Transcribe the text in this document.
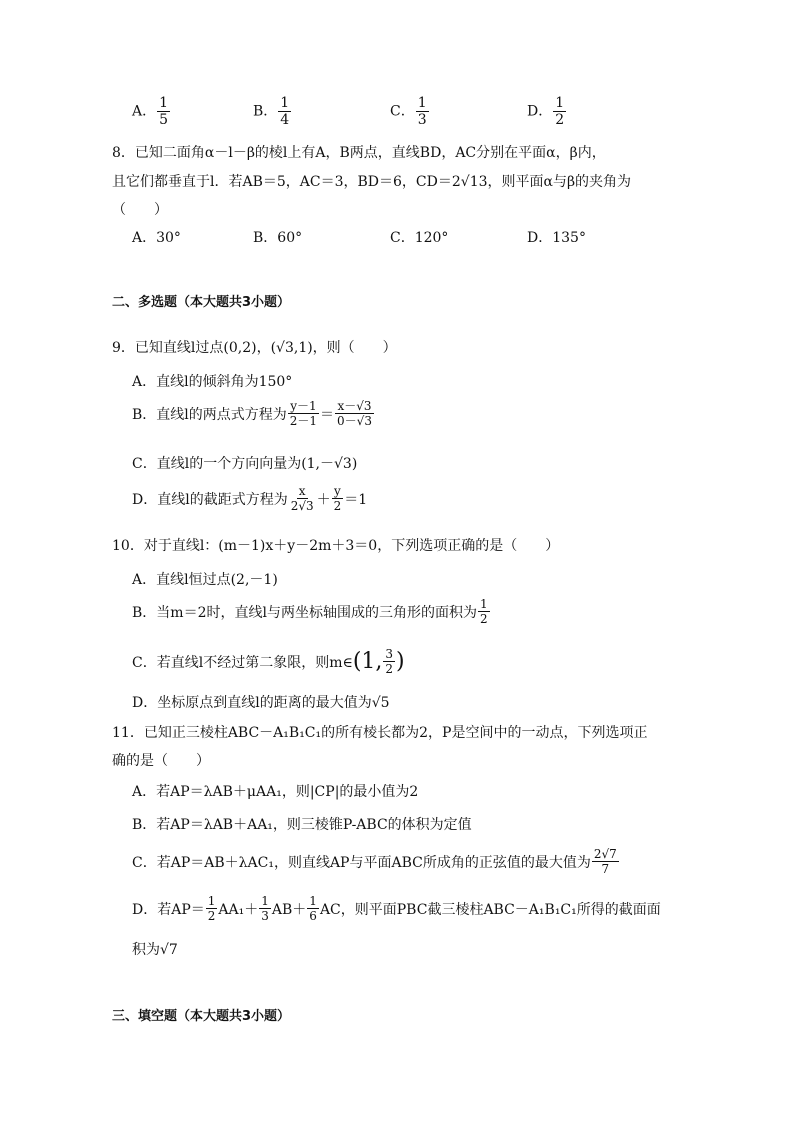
A． $\frac{1}{5}$	B． $\frac{1}{4}$	C． $\frac{1}{3}$	D． $\frac{1}{2}$
8．已知二面角α－l－β的棱l上有A，B两点，直线BD，AC分别在平面α，β内，
且它们都垂直于l．若AB＝5，AC＝3，BD＝6，CD＝2√13，则平面α与β的夹角为
（　　）
A．30°	B．60°	C．120°	D．135°
二、多选题（本大题共3小题）
9．已知直线l过点(0,2)，(√3,1)，则（　　）
A．直线l的倾斜角为150°
B．直线l的两点式方程为 $\frac{y-1}{2-1} = \frac{x-√3}{0-√3}$
C．直线l的一个方向向量为(1,－√3)
D．直线l的截距式方程为 $\frac{x}{2√3} + \frac{y}{2} =1$
10．对于直线l：(m－1)x＋y－2m＋3＝0，下列选项正确的是（　　）
A．直线l恒过点(2,－1)
B．当m＝2时，直线l与两坐标轴围成的三角形的面积为 $\frac{1}{2}$
C．若直线l不经过第二象限，则m∈ (1, $\frac{3}{2}$ )
D．坐标原点到直线l的距离的最大值为√5
11．已知正三棱柱ABC－A₁B₁C₁的所有棱长都为2，P是空间中的一动点，下列选项正
确的是（　　）
A．若AP＝λAB＋μAA₁，则|CP|的最小值为2
B．若AP＝λAB＋AA₁，则三棱锥P-ABC的体积为定值
C．若AP＝AB＋λAC₁，则直线AP与平面ABC所成角的正弦值的最大值为 $\frac{2√7}{7}$
D．若$AP= \frac{1}{2} AA_1+ \frac{1}{3} AB+ \frac{1}{6}$ AC，则平面PBC截三棱柱ABC－A₁B₁C₁所得的截面面
积为√7
三、填空题（本大题共3小题）
